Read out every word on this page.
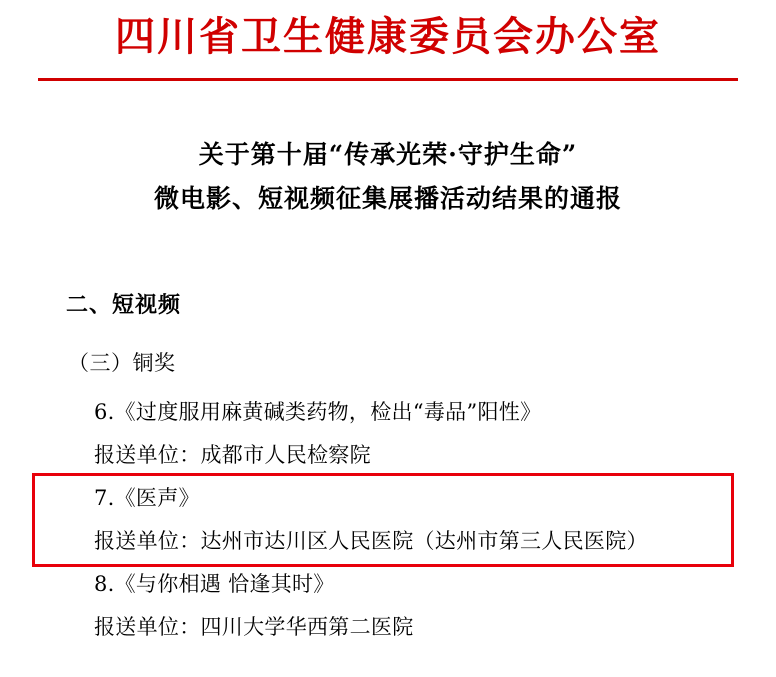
四川省卫生健康委员会办公室
关于第十届“传承光荣·守护生命”
微电影、短视频征集展播活动结果的通报
二、短视频
（三）铜奖
6.《过度服用麻黄碱类药物，检出“毒品”阳性》
报送单位：成都市人民检察院
7.《医声》
报送单位：达州市达川区人民医院（达州市第三人民医院）
8.《与你相遇 恰逢其时》
报送单位：四川大学华西第二医院
